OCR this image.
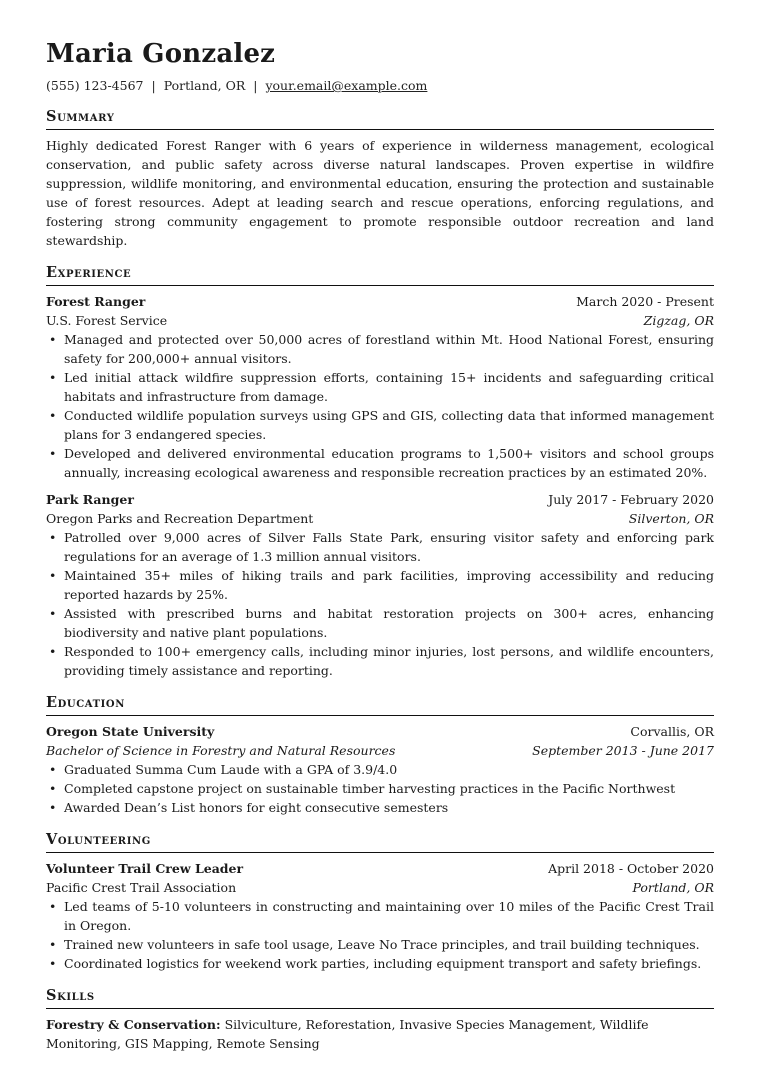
Maria Gonzalez
(555) 123-4567 | Portland, OR | your.email@example.com
Summary
Highly dedicated Forest Ranger with 6 years of experience in wilderness management, ecological conservation, and public safety across diverse natural landscapes. Proven expertise in wildfire suppression, wildlife monitoring, and environmental education, ensuring the protection and sustainable use of forest resources. Adept at leading search and rescue operations, enforcing regulations, and fostering strong community engagement to promote responsible outdoor recreation and land stewardship.
Experience
Forest Ranger	March 2020 - Present
U.S. Forest Service	Zigzag, OR
• Managed and protected over 50,000 acres of forestland within Mt. Hood National Forest, ensuring safety for 200,000+ annual visitors.
• Led initial attack wildfire suppression efforts, containing 15+ incidents and safeguarding critical habitats and infrastructure from damage.
• Conducted wildlife population surveys using GPS and GIS, collecting data that informed management plans for 3 endangered species.
• Developed and delivered environmental education programs to 1,500+ visitors and school groups annually, increasing ecological awareness and responsible recreation practices by an estimated 20%.
Park Ranger	July 2017 - February 2020
Oregon Parks and Recreation Department	Silverton, OR
• Patrolled over 9,000 acres of Silver Falls State Park, ensuring visitor safety and enforcing park regulations for an average of 1.3 million annual visitors.
• Maintained 35+ miles of hiking trails and park facilities, improving accessibility and reducing reported hazards by 25%.
• Assisted with prescribed burns and habitat restoration projects on 300+ acres, enhancing biodiversity and native plant populations.
• Responded to 100+ emergency calls, including minor injuries, lost persons, and wildlife encounters, providing timely assistance and reporting.
Education
Oregon State University	Corvallis, OR
Bachelor of Science in Forestry and Natural Resources	September 2013 - June 2017
• Graduated Summa Cum Laude with a GPA of 3.9/4.0
• Completed capstone project on sustainable timber harvesting practices in the Pacific Northwest
• Awarded Dean’s List honors for eight consecutive semesters
Volunteering
Volunteer Trail Crew Leader	April 2018 - October 2020
Pacific Crest Trail Association	Portland, OR
• Led teams of 5-10 volunteers in constructing and maintaining over 10 miles of the Pacific Crest Trail in Oregon.
• Trained new volunteers in safe tool usage, Leave No Trace principles, and trail building techniques.
• Coordinated logistics for weekend work parties, including equipment transport and safety briefings.
Skills
Forestry & Conservation: Silviculture, Reforestation, Invasive Species Management, Wildlife Monitoring, GIS Mapping, Remote Sensing
